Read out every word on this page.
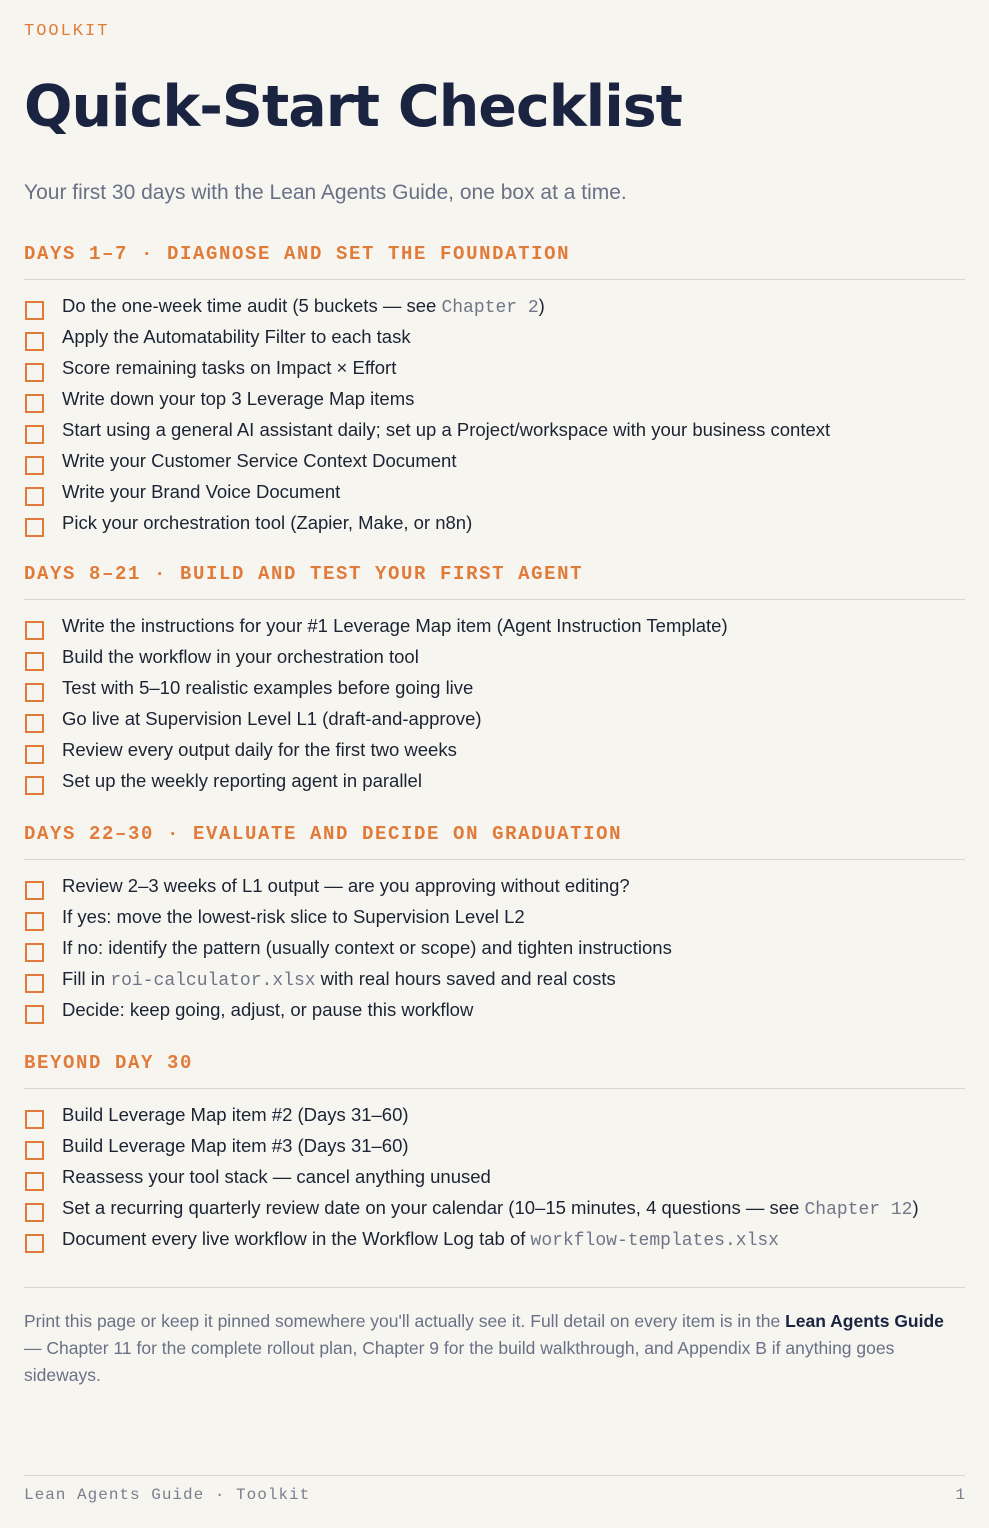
TOOLKIT
Quick-Start Checklist
Your first 30 days with the Lean Agents Guide, one box at a time.
DAYS 1–7 · DIAGNOSE AND SET THE FOUNDATION
Do the one-week time audit (5 buckets — see Chapter 2)
Apply the Automatability Filter to each task
Score remaining tasks on Impact × Effort
Write down your top 3 Leverage Map items
Start using a general AI assistant daily; set up a Project/workspace with your business context
Write your Customer Service Context Document
Write your Brand Voice Document
Pick your orchestration tool (Zapier, Make, or n8n)
DAYS 8–21 · BUILD AND TEST YOUR FIRST AGENT
Write the instructions for your #1 Leverage Map item (Agent Instruction Template)
Build the workflow in your orchestration tool
Test with 5–10 realistic examples before going live
Go live at Supervision Level L1 (draft-and-approve)
Review every output daily for the first two weeks
Set up the weekly reporting agent in parallel
DAYS 22–30 · EVALUATE AND DECIDE ON GRADUATION
Review 2–3 weeks of L1 output — are you approving without editing?
If yes: move the lowest-risk slice to Supervision Level L2
If no: identify the pattern (usually context or scope) and tighten instructions
Fill in roi-calculator.xlsx with real hours saved and real costs
Decide: keep going, adjust, or pause this workflow
BEYOND DAY 30
Build Leverage Map item #2 (Days 31–60)
Build Leverage Map item #3 (Days 31–60)
Reassess your tool stack — cancel anything unused
Set a recurring quarterly review date on your calendar (10–15 minutes, 4 questions — see Chapter 12)
Document every live workflow in the Workflow Log tab of workflow-templates.xlsx

Print this page or keep it pinned somewhere you'll actually see it. Full detail on every item is in the Lean Agents Guide — Chapter 11 for the complete rollout plan, Chapter 9 for the build walkthrough, and Appendix B if anything goes sideways.

Lean Agents Guide · Toolkit	1
